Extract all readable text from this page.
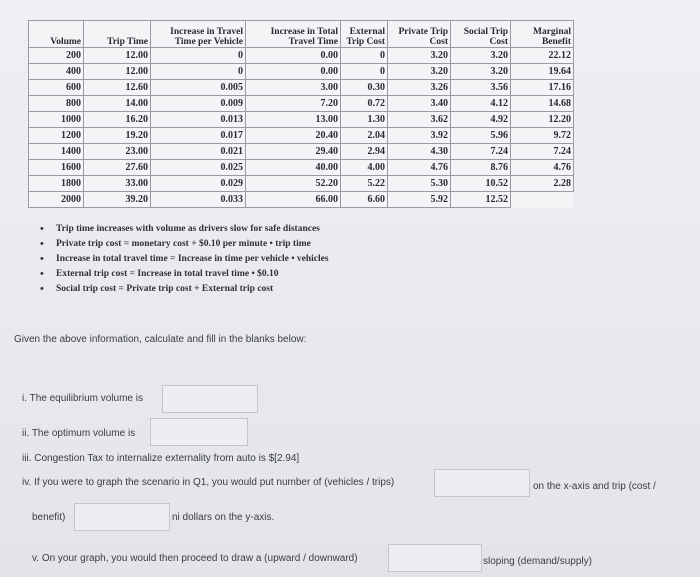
Volume	Trip Time	Increase in Travel Time per Vehicle	Increase in Total Travel Time	External Trip Cost	Private Trip Cost	Social Trip Cost	Marginal Benefit
200	12.00	0	0.00	0	3.20	3.20	22.12
400	12.00	0	0.00	0	3.20	3.20	19.64
600	12.60	0.005	3.00	0.30	3.26	3.56	17.16
800	14.00	0.009	7.20	0.72	3.40	4.12	14.68
1000	16.20	0.013	13.00	1.30	3.62	4.92	12.20
1200	19.20	0.017	20.40	2.04	3.92	5.96	9.72
1400	23.00	0.021	29.40	2.94	4.30	7.24	7.24
1600	27.60	0.025	40.00	4.00	4.76	8.76	4.76
1800	33.00	0.029	52.20	5.22	5.30	10.52	2.28
2000	39.20	0.033	66.00	6.60	5.92	12.52	
• Trip time increases with volume as drivers slow for safe distances
• Private trip cost = monetary cost + $0.10 per minute • trip time
• Increase in total travel time = Increase in time per vehicle • vehicles
• External trip cost = Increase in total travel time • $0.10
• Social trip cost = Private trip cost + External trip cost
Given the above information, calculate and fill in the blanks below:
i. The equilibrium volume is
ii. The optimum volume is
iii. Congestion Tax to internalize externality from auto is $[2.94]
iv. If you were to graph the scenario in Q1, you would put number of (vehicles / trips)	on the x-axis and trip (cost /
benefit)	ni dollars on the y-axis.
v. On your graph, you would then proceed to draw a (upward / downward)	sloping (demand/supply)
